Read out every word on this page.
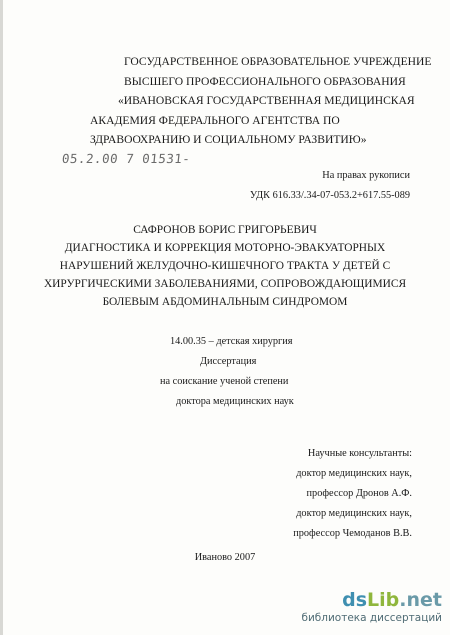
ГОСУДАРСТВЕННОЕ ОБРАЗОВАТЕЛЬНОЕ УЧРЕЖДЕНИЕ
ВЫСШЕГО ПРОФЕССИОНАЛЬНОГО ОБРАЗОВАНИЯ
«ИВАНОВСКАЯ ГОСУДАРСТВЕННАЯ МЕДИЦИНСКАЯ
АКАДЕМИЯ ФЕДЕРАЛЬНОГО АГЕНТСТВА ПО
ЗДРАВООХРАНИЮ И СОЦИАЛЬНОМУ РАЗВИТИЮ»
05.2.00 7 01531-
На правах рукописи
УДК 616.33/.34-07-053.2+617.55-089
САФРОНОВ БОРИС ГРИГОРЬЕВИЧ
ДИАГНОСТИКА И КОРРЕКЦИЯ МОТОРНО-ЭВАКУАТОРНЫХ
НАРУШЕНИЙ ЖЕЛУДОЧНО-КИШЕЧНОГО ТРАКТА У ДЕТЕЙ С
ХИРУРГИЧЕСКИМИ ЗАБОЛЕВАНИЯМИ, СОПРОВОЖДАЮЩИМИСЯ
БОЛЕВЫМ АБДОМИНАЛЬНЫМ СИНДРОМОМ
14.00.35 – детская хирургия
Диссертация
на соискание ученой степени
доктора медицинских наук
Научные консультанты:
доктор медицинских наук,
профессор Дронов А.Ф.
доктор медицинских наук,
профессор Чемоданов В.В.
Иваново 2007
dsLib.net
библиотека диссертаций
